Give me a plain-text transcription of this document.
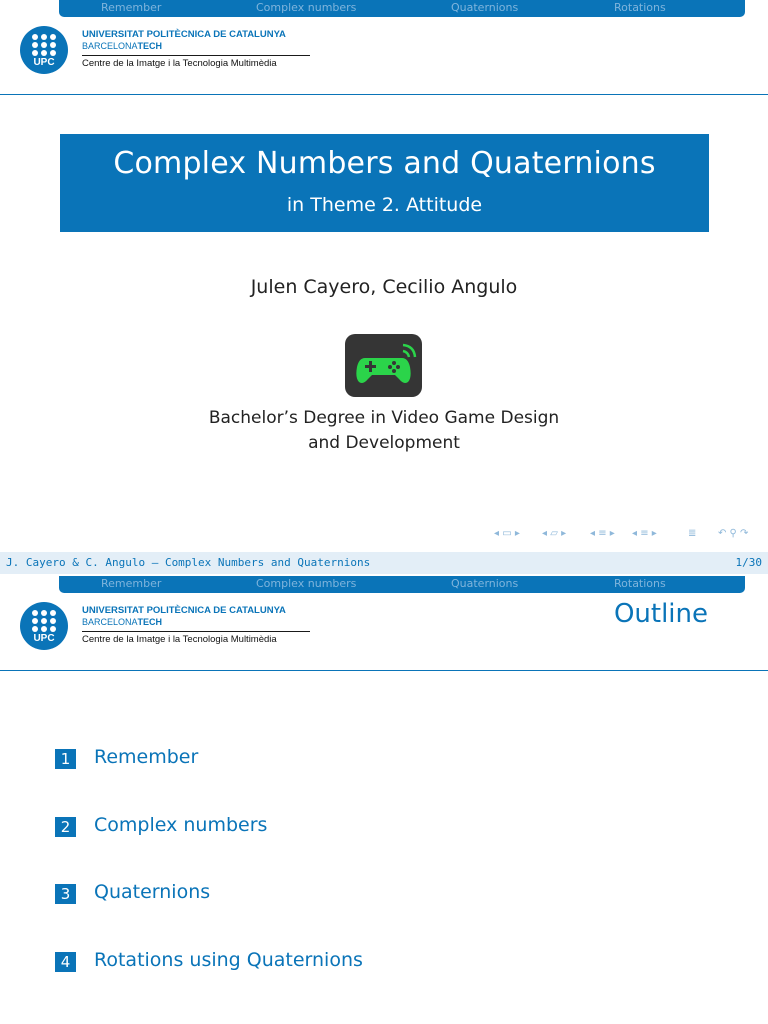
Remember	Complex numbers	Quaternions	Rotations
UPC
UNIVERSITAT POLITÈCNICA DE CATALUNYA
BARCELONATECH
Centre de la Imatge i la Tecnologia Multimèdia
Complex Numbers and Quaternions
in Theme 2. Attitude
Julen Cayero, Cecilio Angulo
Bachelor’s Degree in Video Game Design
and Development
◂ ▭ ▸ ◂ ▱ ▸ ◂ ≡ ▸ ◂ ≡ ▸	≣ ↶ ⚲ ↷
J. Cayero & C. Angulo — Complex Numbers and Quaternions	1/30
Remember	Complex numbers	Quaternions	Rotations
UPC
UNIVERSITAT POLITÈCNICA DE CATALUNYA
BARCELONATECH
Centre de la Imatge i la Tecnologia Multimèdia
Outline
1	Remember
2	Complex numbers
3	Quaternions
4	Rotations using Quaternions
